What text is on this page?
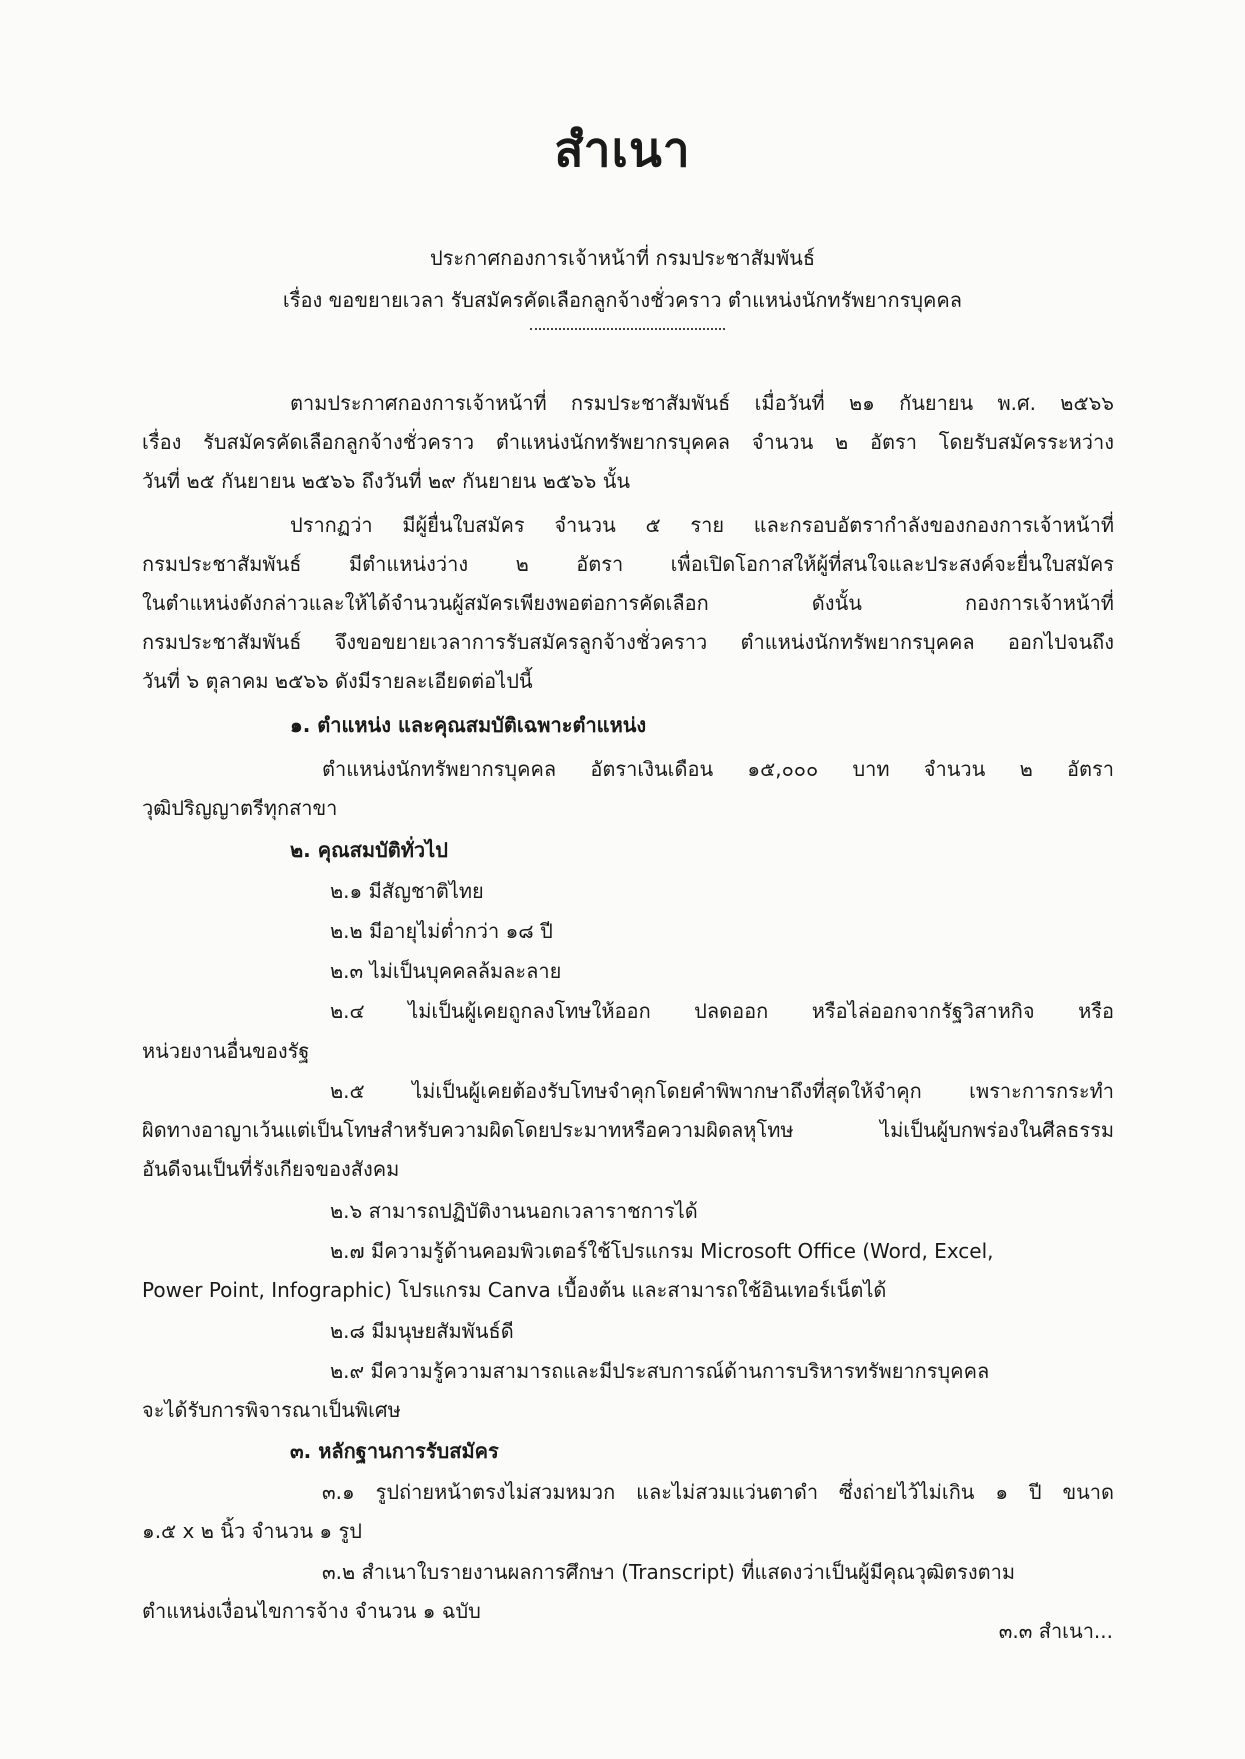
สำเนา
ประกาศกองการเจ้าหน้าที่ กรมประชาสัมพันธ์
เรื่อง ขอขยายเวลา รับสมัครคัดเลือกลูกจ้างชั่วคราว ตำแหน่งนักทรัพยากรบุคคล
ตามประกาศกองการเจ้าหน้าที่ กรมประชาสัมพันธ์ เมื่อวันที่ ๒๑ กันยายน พ.ศ. ๒๕๖๖
เรื่อง รับสมัครคัดเลือกลูกจ้างชั่วคราว ตำแหน่งนักทรัพยากรบุคคล จำนวน ๒ อัตรา โดยรับสมัครระหว่าง
วันที่ ๒๕ กันยายน ๒๕๖๖ ถึงวันที่ ๒๙ กันยายน ๒๕๖๖ นั้น
ปรากฏว่า มีผู้ยื่นใบสมัคร จำนวน ๕ ราย และกรอบอัตรากำลังของกองการเจ้าหน้าที่
กรมประชาสัมพันธ์ มีตำแหน่งว่าง ๒ อัตรา เพื่อเปิดโอกาสให้ผู้ที่สนใจและประสงค์จะยื่นใบสมัคร
ในตำแหน่งดังกล่าวและให้ได้จำนวนผู้สมัครเพียงพอต่อการคัดเลือก ดังนั้น กองการเจ้าหน้าที่
กรมประชาสัมพันธ์ จึงขอขยายเวลาการรับสมัครลูกจ้างชั่วคราว ตำแหน่งนักทรัพยากรบุคคล ออกไปจนถึง
วันที่ ๖ ตุลาคม ๒๕๖๖ ดังมีรายละเอียดต่อไปนี้
๑. ตำแหน่ง และคุณสมบัติเฉพาะตำแหน่ง
ตำแหน่งนักทรัพยากรบุคคล อัตราเงินเดือน ๑๕,๐๐๐ บาท จำนวน ๒ อัตรา
วุฒิปริญญาตรีทุกสาขา
๒. คุณสมบัติทั่วไป
๒.๑ มีสัญชาติไทย
๒.๒ มีอายุไม่ต่ำกว่า ๑๘ ปี
๒.๓ ไม่เป็นบุคคลล้มละลาย
๒.๔ ไม่เป็นผู้เคยถูกลงโทษให้ออก ปลดออก หรือไล่ออกจากรัฐวิสาหกิจ หรือ
หน่วยงานอื่นของรัฐ
๒.๕ ไม่เป็นผู้เคยต้องรับโทษจำคุกโดยคำพิพากษาถึงที่สุดให้จำคุก เพราะการกระทำ
ผิดทางอาญาเว้นแต่เป็นโทษสำหรับความผิดโดยประมาทหรือความผิดลหุโทษ ไม่เป็นผู้บกพร่องในศีลธรรม
อันดีจนเป็นที่รังเกียจของสังคม
๒.๖ สามารถปฏิบัติงานนอกเวลาราชการได้
๒.๗ มีความรู้ด้านคอมพิวเตอร์ใช้โปรแกรม Microsoft Office (Word, Excel,
Power Point, Infographic) โปรแกรม Canva เบื้องต้น และสามารถใช้อินเทอร์เน็ตได้
๒.๘ มีมนุษยสัมพันธ์ดี
๒.๙ มีความรู้ความสามารถและมีประสบการณ์ด้านการบริหารทรัพยากรบุคคล
จะได้รับการพิจารณาเป็นพิเศษ
๓. หลักฐานการรับสมัคร
๓.๑ รูปถ่ายหน้าตรงไม่สวมหมวก และไม่สวมแว่นตาดำ ซึ่งถ่ายไว้ไม่เกิน ๑ ปี ขนาด
๑.๕ x ๒ นิ้ว จำนวน ๑ รูป
๓.๒ สำเนาใบรายงานผลการศึกษา (Transcript) ที่แสดงว่าเป็นผู้มีคุณวุฒิตรงตาม
ตำแหน่งเงื่อนไขการจ้าง จำนวน ๑ ฉบับ
๓.๓ สำเนา...
